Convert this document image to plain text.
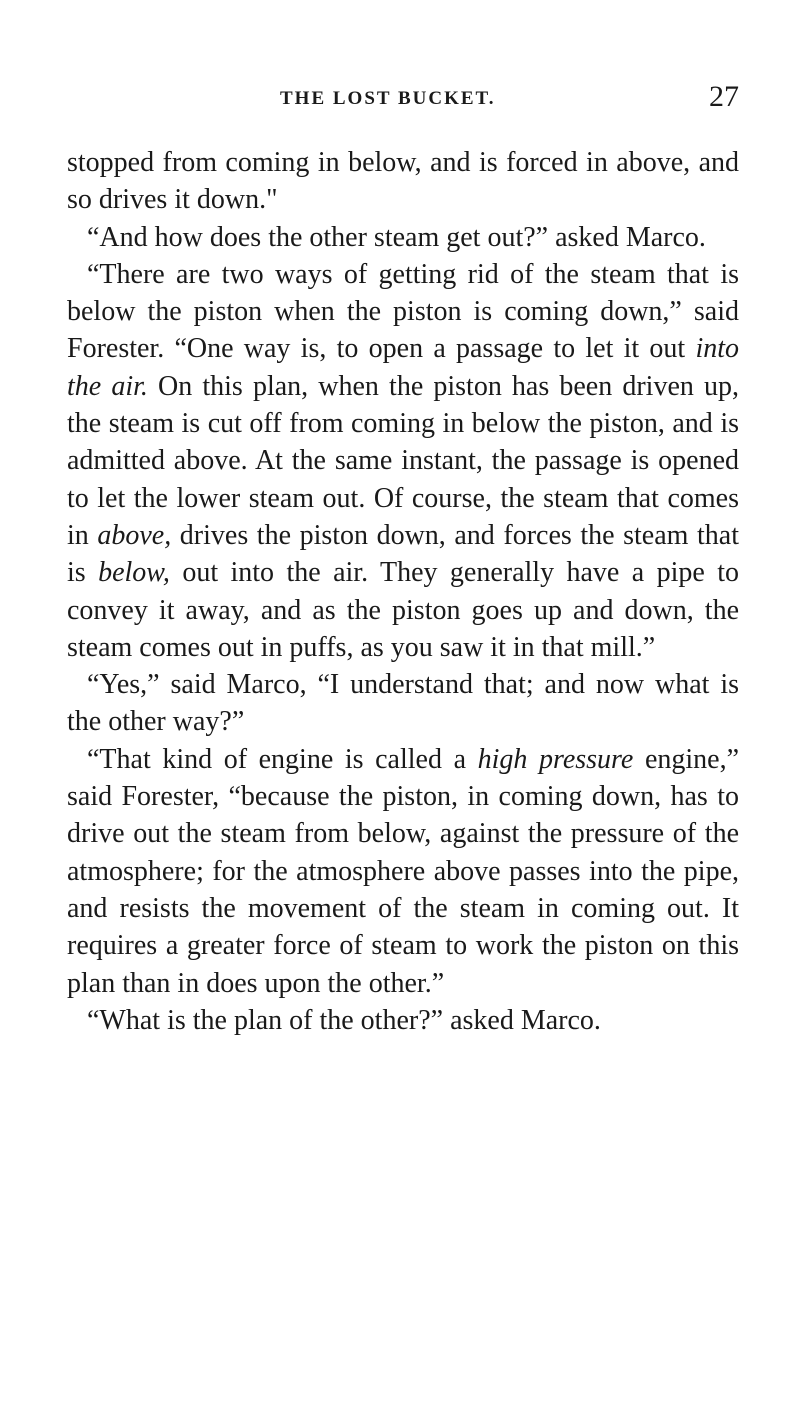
THE LOST BUCKET.	27

stopped from coming in below, and is forced in above, and so drives it down."

“And how does the other steam get out?” asked Marco.

“There are two ways of getting rid of the steam that is below the piston when the piston is coming down,” said Forester. “One way is, to open a passage to let it out into the air. On this plan, when the piston has been driven up, the steam is cut off from coming in below the piston, and is admitted above. At the same instant, the passage is opened to let the lower steam out. Of course, the steam that comes in above, drives the piston down, and forces the steam that is below, out into the air. They generally have a pipe to convey it away, and as the piston goes up and down, the steam comes out in puffs, as you saw it in that mill.”

“Yes,” said Marco, “I understand that; and now what is the other way?”

“That kind of engine is called a high pressure engine,” said Forester, “because the piston, in coming down, has to drive out the steam from below, against the pressure of the atmosphere; for the atmosphere above passes into the pipe, and resists the movement of the steam in coming out. It requires a greater force of steam to work the piston on this plan than in does upon the other.”

“What is the plan of the other?” asked Marco.
